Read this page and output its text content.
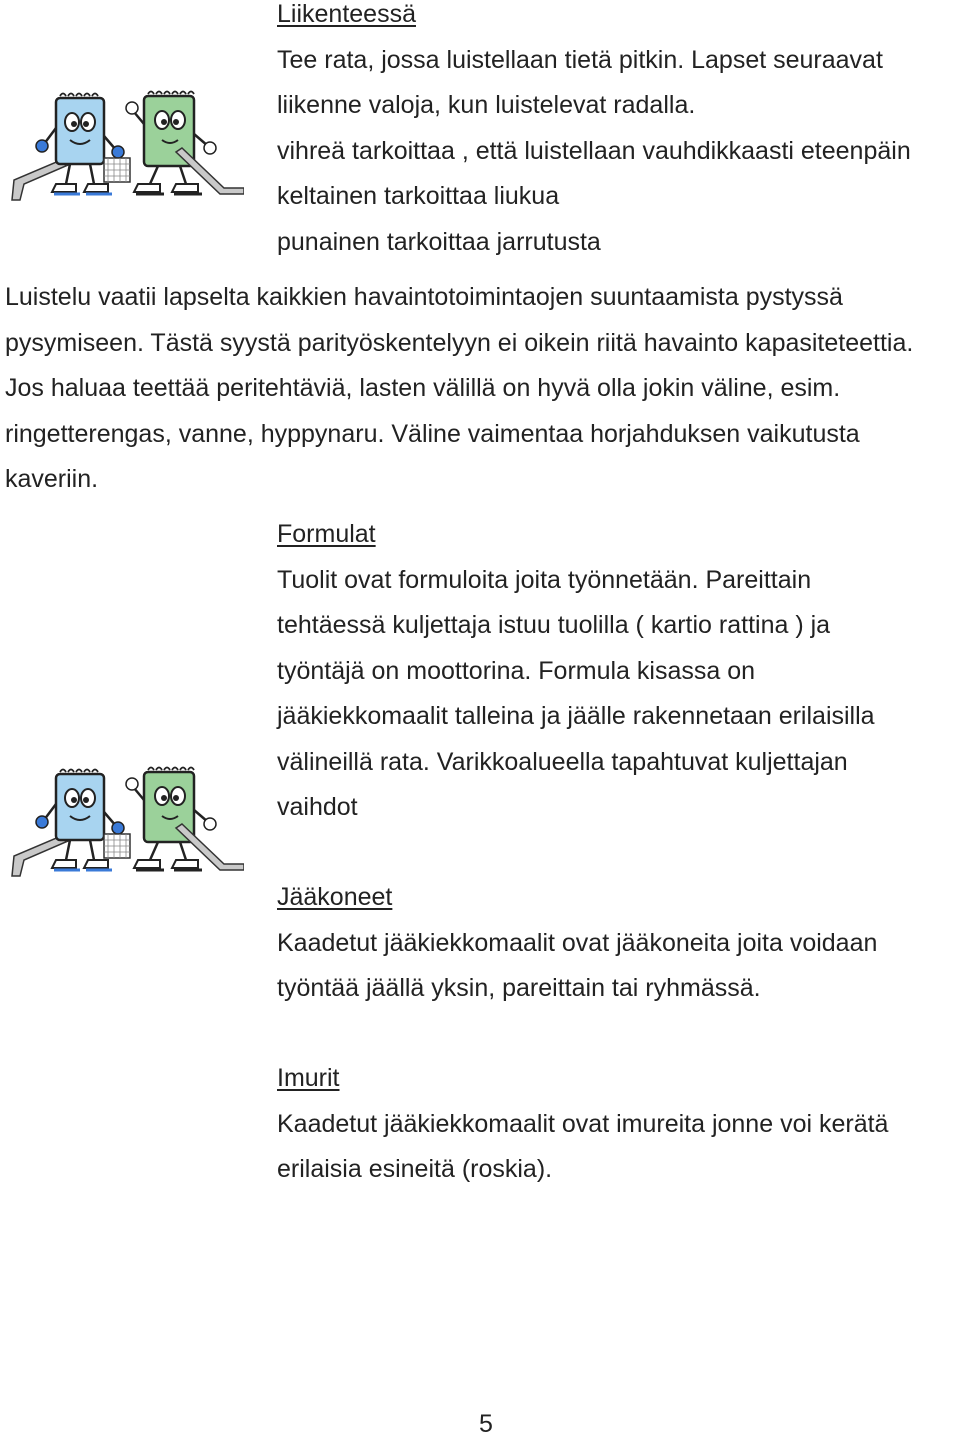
Liikenteessä
Tee rata, jossa luistellaan tietä pitkin. Lapset seuraavat
liikenne valoja, kun luistelevat radalla.
vihreä tarkoittaa , että luistellaan vauhdikkaasti eteenpäin
keltainen tarkoittaa liukua
punainen tarkoittaa jarrutusta
Luistelu vaatii lapselta kaikkien havaintotoimintaojen suuntaamista pystyssä
pysymiseen. Tästä syystä parityöskentelyyn ei oikein riitä havainto kapasiteteettia.
Jos haluaa teettää peritehtäviä, lasten välillä on hyvä olla jokin väline, esim.
ringetterengas, vanne, hyppynaru. Väline vaimentaa horjahduksen vaikutusta
kaveriin.
Formulat
Tuolit ovat formuloita joita työnnetään. Pareittain
tehtäessä kuljettaja istuu tuolilla ( kartio rattina ) ja
työntäjä on moottorina. Formula kisassa on
jääkiekkomaalit talleina ja jäälle rakennetaan erilaisilla
välineillä rata. Varikkoalueella tapahtuvat kuljettajan
vaihdot
Jääkoneet
Kaadetut jääkiekkomaalit ovat jääkoneita joita voidaan
työntää jäällä yksin, pareittain tai ryhmässä.
Imurit
Kaadetut jääkiekkomaalit ovat imureita jonne voi kerätä
erilaisia esineitä (roskia).
5
